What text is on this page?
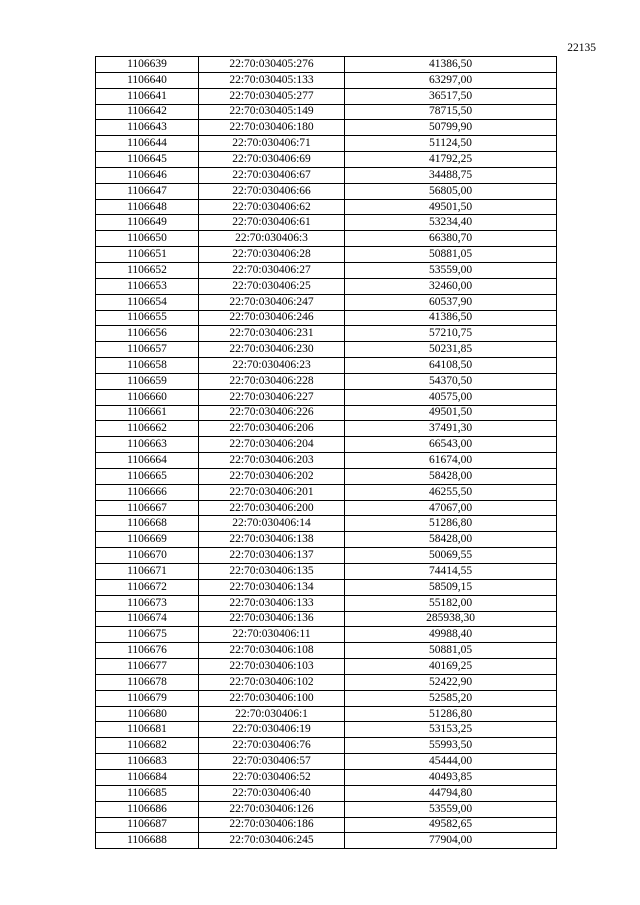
22135
1106639	22:70:030405:276	41386,50
1106640	22:70:030405:133	63297,00
1106641	22:70:030405:277	36517,50
1106642	22:70:030405:149	78715,50
1106643	22:70:030406:180	50799,90
1106644	22:70:030406:71	51124,50
1106645	22:70:030406:69	41792,25
1106646	22:70:030406:67	34488,75
1106647	22:70:030406:66	56805,00
1106648	22:70:030406:62	49501,50
1106649	22:70:030406:61	53234,40
1106650	22:70:030406:3	66380,70
1106651	22:70:030406:28	50881,05
1106652	22:70:030406:27	53559,00
1106653	22:70:030406:25	32460,00
1106654	22:70:030406:247	60537,90
1106655	22:70:030406:246	41386,50
1106656	22:70:030406:231	57210,75
1106657	22:70:030406:230	50231,85
1106658	22:70:030406:23	64108,50
1106659	22:70:030406:228	54370,50
1106660	22:70:030406:227	40575,00
1106661	22:70:030406:226	49501,50
1106662	22:70:030406:206	37491,30
1106663	22:70:030406:204	66543,00
1106664	22:70:030406:203	61674,00
1106665	22:70:030406:202	58428,00
1106666	22:70:030406:201	46255,50
1106667	22:70:030406:200	47067,00
1106668	22:70:030406:14	51286,80
1106669	22:70:030406:138	58428,00
1106670	22:70:030406:137	50069,55
1106671	22:70:030406:135	74414,55
1106672	22:70:030406:134	58509,15
1106673	22:70:030406:133	55182,00
1106674	22:70:030406:136	285938,30
1106675	22:70:030406:11	49988,40
1106676	22:70:030406:108	50881,05
1106677	22:70:030406:103	40169,25
1106678	22:70:030406:102	52422,90
1106679	22:70:030406:100	52585,20
1106680	22:70:030406:1	51286,80
1106681	22:70:030406:19	53153,25
1106682	22:70:030406:76	55993,50
1106683	22:70:030406:57	45444,00
1106684	22:70:030406:52	40493,85
1106685	22:70:030406:40	44794,80
1106686	22:70:030406:126	53559,00
1106687	22:70:030406:186	49582,65
1106688	22:70:030406:245	77904,00
